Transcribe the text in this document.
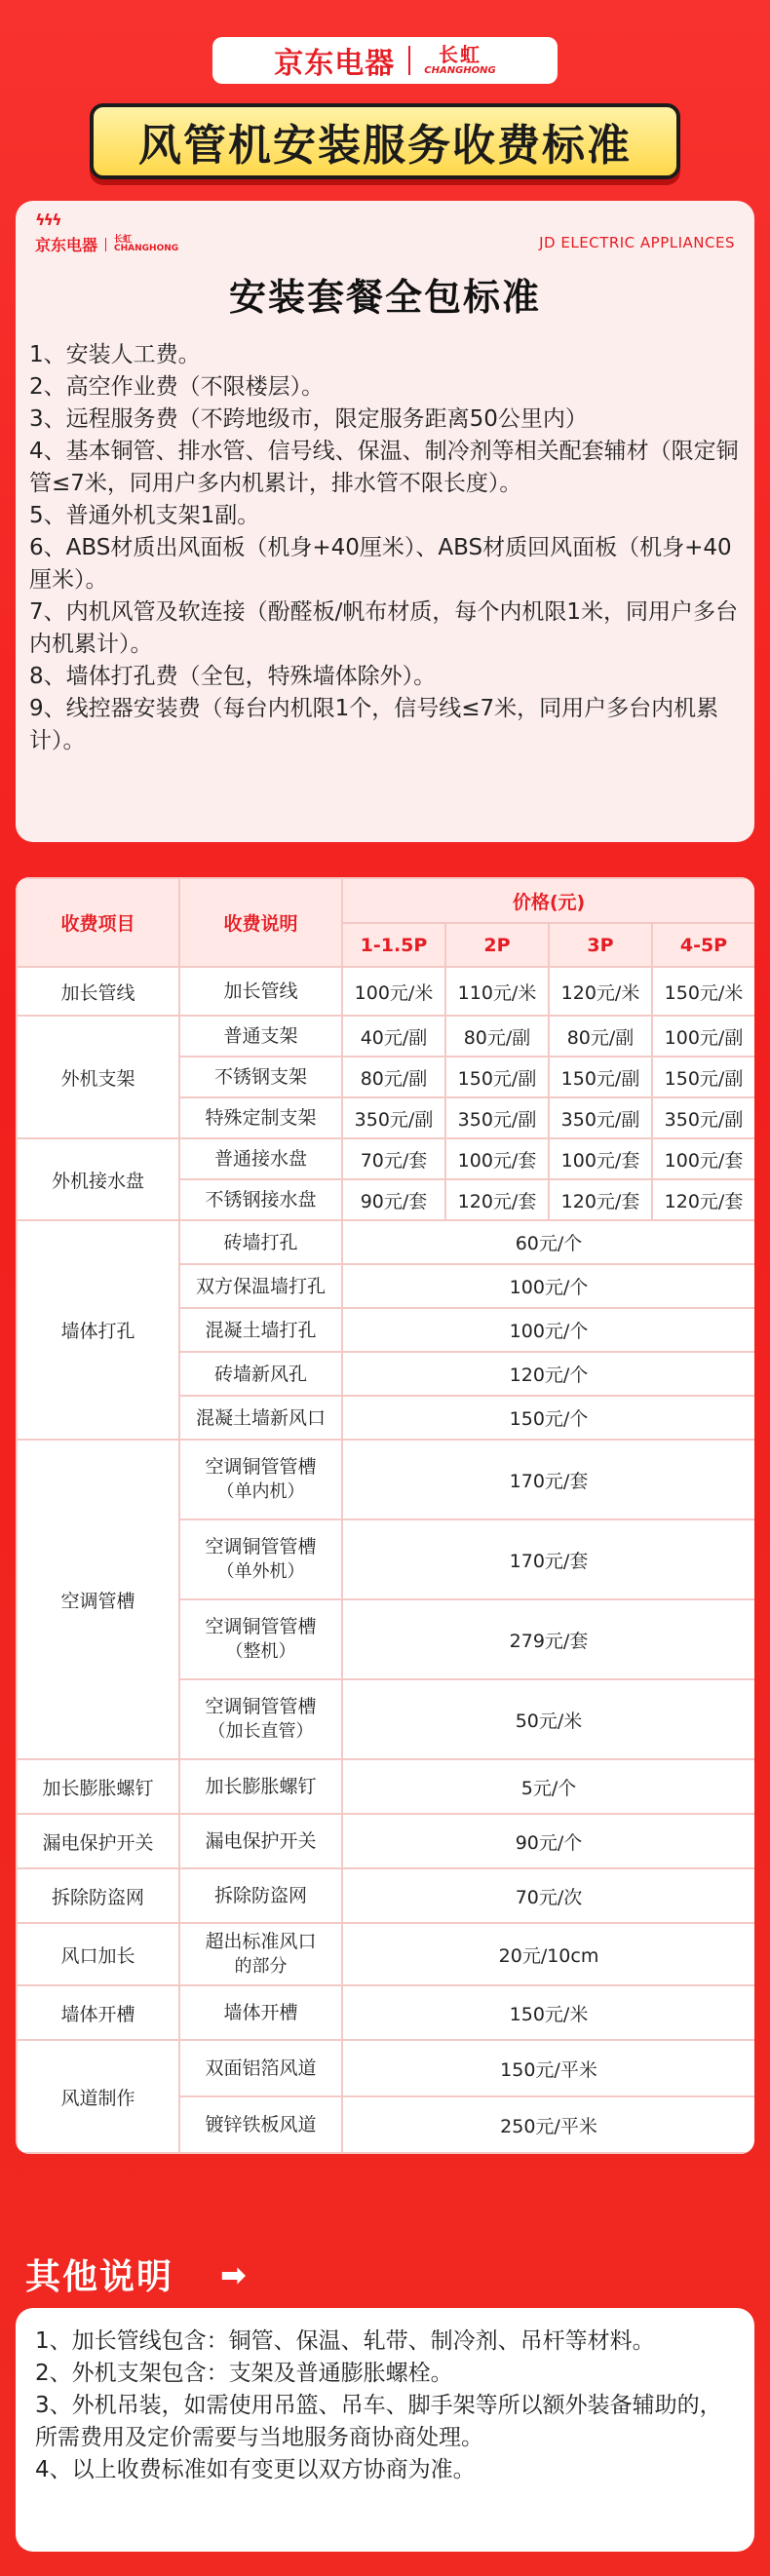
京东电器 长虹
CHANGHONG
风管机安装服务收费标准
ϟϟϟ
京东电器 长虹
CHANGHONG	JD ELECTRIC APPLIANCES
安装套餐全包标准

1、安装人工费。

2、高空作业费（不限楼层）。

3、远程服务费（不跨地级市，限定服务距离50公里内）

4、基本铜管、排水管、信号线、保温、制冷剂等相关配套辅材（限定铜管≤7米，同用户多内机累计，排水管不限长度）。

5、普通外机支架1副。

6、ABS材质出风面板（机身+40厘米）、ABS材质回风面板（机身+40厘米）。

7、内机风管及软连接（酚醛板/帆布材质，每个内机限1米，同用户多台内机累计）。

8、墙体打孔费（全包，特殊墙体除外）。

9、线控器安装费（每台内机限1个，信号线≤7米，同用户多台内机累计）。

收费项目	收费说明	价格(元)			
		1-1.5P	2P	3P	4-5P
加长管线	加长管线	100元/米	110元/米	120元/米	150元/米
外机支架	普通支架	40元/副	80元/副	80元/副	100元/副
	不锈钢支架	80元/副	150元/副	150元/副	150元/副
	特殊定制支架	350元/副	350元/副	350元/副	350元/副
外机接水盘	普通接水盘	70元/套	100元/套	100元/套	100元/套
	不锈钢接水盘	90元/套	120元/套	120元/套	120元/套
墙体打孔	砖墙打孔	60元/个			
	双方保温墙打孔	100元/个			
	混凝土墙打孔	100元/个			
	砖墙新风孔	120元/个			
	混凝土墙新风口	150元/个			
空调管槽	空调铜管管槽
（单内机）	170元/套			
	空调铜管管槽
（单外机）	170元/套			
	空调铜管管槽
（整机）	279元/套			
	空调铜管管槽
（加长直管）	50元/米			
加长膨胀螺钉	加长膨胀螺钉	5元/个			
漏电保护开关	漏电保护开关	90元/个			
拆除防盗网	拆除防盗网	70元/次			
风口加长	超出标准风口
的部分	20元/10cm			
墙体开槽	墙体开槽	150元/米			
风道制作	双面铝箔风道	150元/平米			
	镀锌铁板风道	250元/平米			
其他说明 ➡

1、加长管线包含：铜管、保温、轧带、制冷剂、吊杆等材料。

2、外机支架包含：支架及普通膨胀螺栓。

3、外机吊装，如需使用吊篮、吊车、脚手架等所以额外装备辅助的，所需费用及定价需要与当地服务商协商处理。

4、以上收费标准如有变更以双方协商为准。
